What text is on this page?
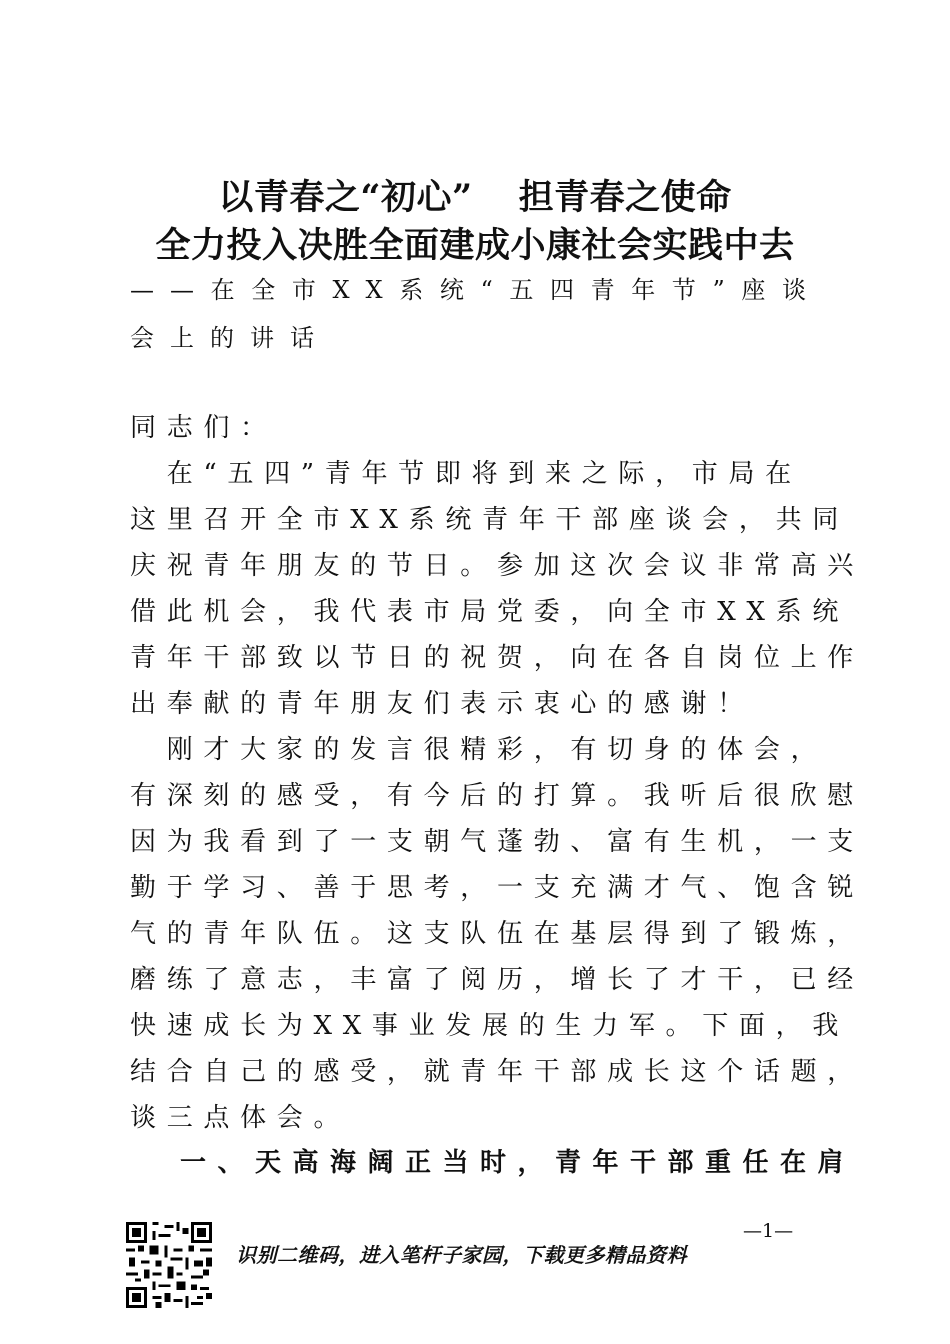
以青春之“初心” 担青春之使命
全力投入决胜全面建成小康社会实践中去
——在全市XX系统“五四青年节”座谈会上的讲话
同志们：
　在“五四”青年节即将到来之际，市局在
这里召开全市XX系统青年干部座谈会，共同
庆祝青年朋友的节日。参加这次会议非常高兴
借此机会，我代表市局党委，向全市XX系统
青年干部致以节日的祝贺，向在各自岗位上作
出奉献的青年朋友们表示衷心的感谢！
　刚才大家的发言很精彩，有切身的体会，
有深刻的感受，有今后的打算。我听后很欣慰
因为我看到了一支朝气蓬勃、富有生机，一支
勤于学习、善于思考，一支充满才气、饱含锐
气的青年队伍。这支队伍在基层得到了锻炼，
磨练了意志，丰富了阅历，增长了才干，已经
快速成长为XX事业发展的生力军。下面，我
结合自己的感受，就青年干部成长这个话题，
谈三点体会。
一、天高海阔正当时，青年干部重任在肩
识别二维码，进入笔杆子家园，下载更多精品资料
—1—
